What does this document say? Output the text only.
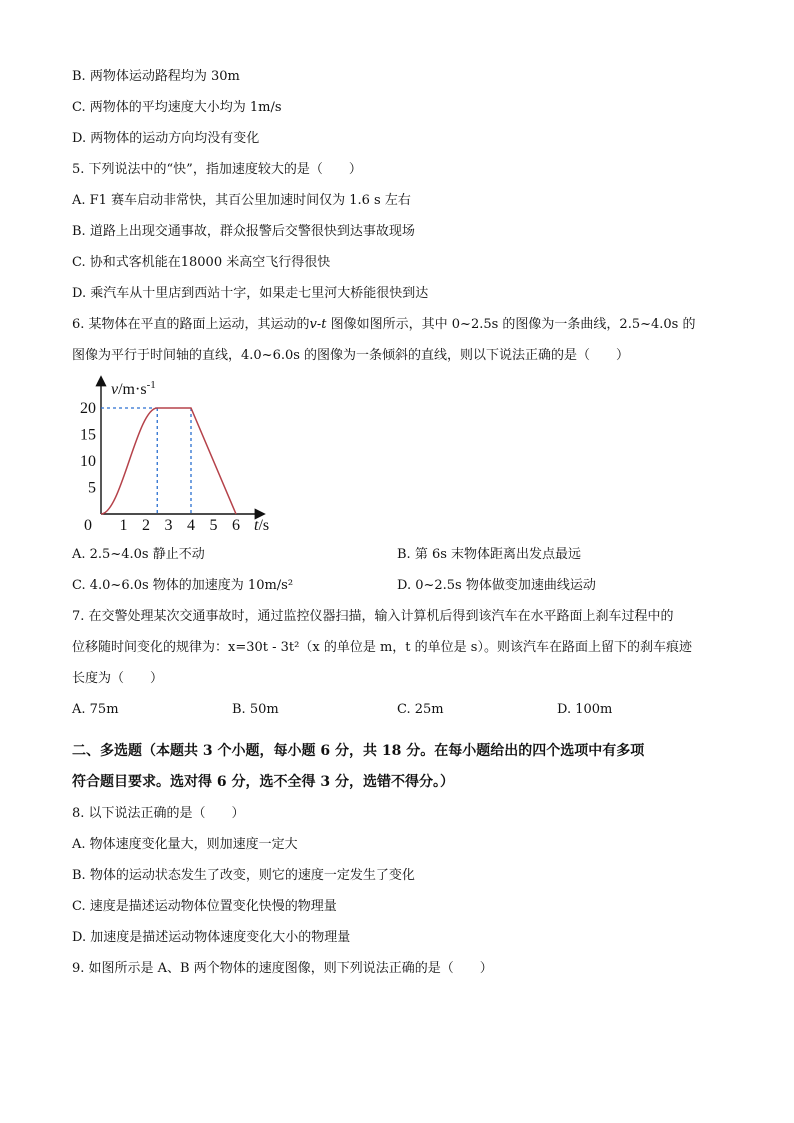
B. 两物体运动路程均为 30m
C. 两物体的平均速度大小均为 1m/s
D. 两物体的运动方向均没有变化
5. 下列说法中的“快”，指加速度较大的是（　　）
A. F1 赛车启动非常快，其百公里加速时间仅为 1.6 s 左右
B. 道路上出现交通事故，群众报警后交警很快到达事故现场
C. 协和式客机能在18000 米高空飞行得很快
D. 乘汽车从十里店到西站十字，如果走七里河大桥能很快到达
6. 某物体在平直的路面上运动，其运动的v-t 图像如图所示，其中 0~2.5s 的图像为一条曲线，2.5~4.0s 的
图像为平行于时间轴的直线，4.0~6.0s 的图像为一条倾斜的直线，则以下说法正确的是（　　）
$v/m\cdot s^{-1}$
t/s
0 1 2 3 4 5 6
5
10
15
20
A. 2.5~4.0s 静止不动	B. 第 6s 末物体距离出发点最远
C. 4.0~6.0s 物体的加速度为 10m/s²	D. 0~2.5s 物体做变加速曲线运动
7. 在交警处理某次交通事故时，通过监控仪器扫描，输入计算机后得到该汽车在水平路面上刹车过程中的
位移随时间变化的规律为：x=30t - 3t²（x 的单位是 m，t 的单位是 s）。则该汽车在路面上留下的刹车痕迹
长度为（　　）
A. 75m	B. 50m	C. 25m	D. 100m
二、多选题（本题共 3 个小题，每小题 6 分，共 18 分。在每小题给出的四个选项中有多项
符合题目要求。选对得 6 分，选不全得 3 分，选错不得分。）
8. 以下说法正确的是（　　）
A. 物体速度变化量大，则加速度一定大
B. 物体的运动状态发生了改变，则它的速度一定发生了变化
C. 速度是描述运动物体位置变化快慢的物理量
D. 加速度是描述运动物体速度变化大小的物理量
9. 如图所示是 A、B 两个物体的速度图像，则下列说法正确的是（　　）
